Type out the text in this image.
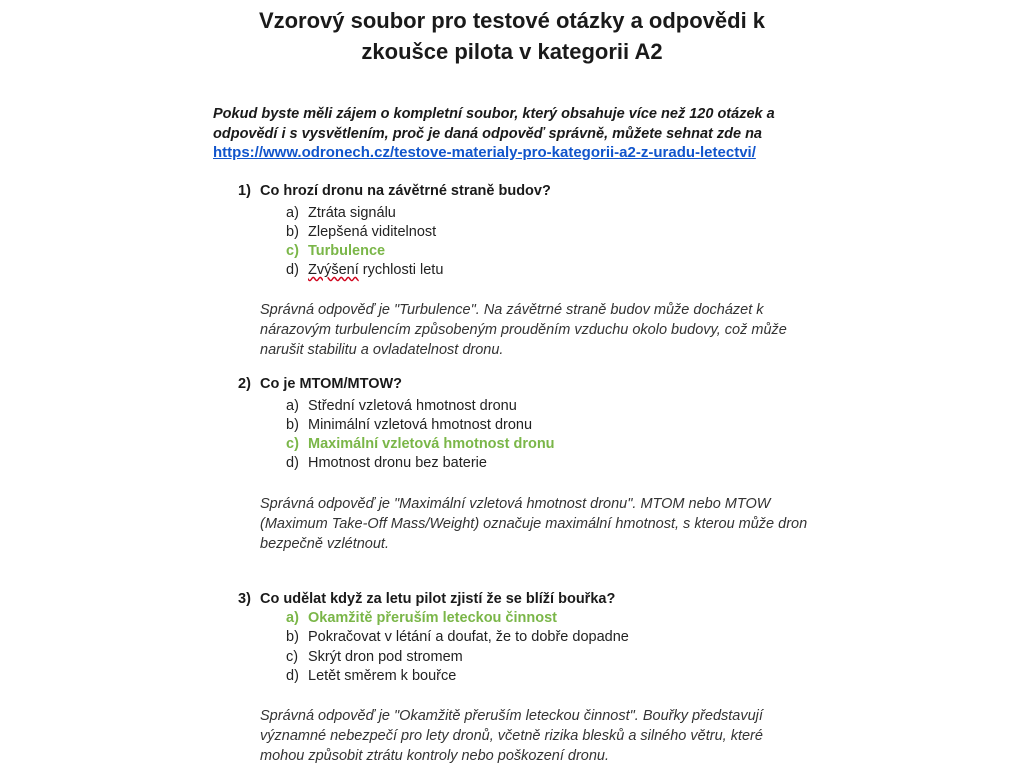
Vzorový soubor pro testové otázky a odpovědi k
zkoušce pilota v kategorii A2
Pokud byste měli zájem o kompletní soubor, který obsahuje více než 120 otázek a
odpovědí i s vysvětlením, proč je daná odpověď správně, můžete sehnat zde na
https://www.odronech.cz/testove-materialy-pro-kategorii-a2-z-uradu-letectvi/
1) Co hrozí dronu na závětrné straně budov?
a) Ztráta signálu
b) Zlepšená viditelnost
c) Turbulence
d) Zvýšení rychlosti letu
Správná odpověď je "Turbulence". Na závětrné straně budov může docházet k
nárazovým turbulencím způsobeným prouděním vzduchu okolo budovy, což může
narušit stabilitu a ovladatelnost dronu.
2) Co je MTOM/MTOW?
a) Střední vzletová hmotnost dronu
b) Minimální vzletová hmotnost dronu
c) Maximální vzletová hmotnost dronu
d) Hmotnost dronu bez baterie
Správná odpověď je "Maximální vzletová hmotnost dronu". MTOM nebo MTOW
(Maximum Take-Off Mass/Weight) označuje maximální hmotnost, s kterou může dron
bezpečně vzlétnout.
3) Co udělat když za letu pilot zjistí že se blíží bouřka?
a) Okamžitě přeruším leteckou činnost
b) Pokračovat v létání a doufat, že to dobře dopadne
c) Skrýt dron pod stromem
d) Letět směrem k bouřce
Správná odpověď je "Okamžitě přeruším leteckou činnost". Bouřky představují
významné nebezpečí pro lety dronů, včetně rizika blesků a silného větru, které
mohou způsobit ztrátu kontroly nebo poškození dronu.
